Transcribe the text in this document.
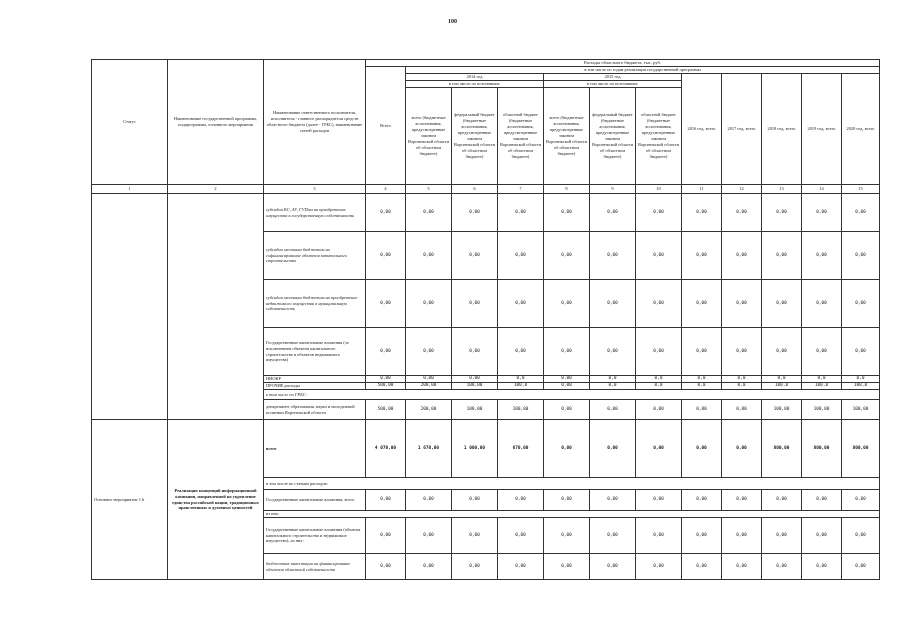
100
Статус	Наименование государственной программы, подпрограммы, основного мероприятия	Наименование ответственного исполнителя, исполнителя - главного распорядителя средств областного бюджета (далее - ГРБС), наименование статей расходов	Расходы областного бюджета, тыс. руб.											
			Всего	в том числе по годам реализации государственной программы										
				2014 год			2015 год			2016 год, всего	2017 год, всего	2018 год, всего	2019 год, всего	2020 год, всего
				в том числе по источникам:			в том числе по источникам:							
				всего (бюджетные ассигнования, предусмотренные законом Воронежской области об областном бюджете)	федеральный бюджет (бюджетные ассигнования, предусмотренные законом Воронежской области об областном бюджете)	областной бюджет (бюджетные ассигнования, предусмотренные законом Воронежской области об областном бюджете)	всего (бюджетные ассигнования, предусмотренные законом Воронежской области об областном бюджете)	федеральный бюджет (бюджетные ассигнования, предусмотренные законом Воронежской области об областном бюджете)	областной бюджет (бюджетные ассигнования, предусмотренные законом Воронежской области об областном бюджете)					
1	2	3	4	5	6	7	8	9	10	11	12	13	14	15
		субсидии КС, АУ, ГУПам на приобретение имущества в государственную собственность	0,00	0,00	0,00	0,00	0,00	0,00	0,00	0,00	0,00	0,00	0,00	0,00
		субсидии местным бюджетам на софинансирование объектов капитального строительства	0,00	0,00	0,00	0,00	0,00	0,00	0,00	0,00	0,00	0,00	0,00	0,00
		субсидии местным бюджетам на приобретение недвижимого имущества в муниципальную собственность	0,00	0,00	0,00	0,00	0,00	0,00	0,00	0,00	0,00	0,00	0,00	0,00
		Государственные капитальные вложения (за исключением объектов капитального строительства и объектов недвижимого имущества)	0,00	0,00	0,00	0,00	0,00	0,00	0,00	0,00	0,00	0,00	0,00	0,00
		НИОКР	0,00	0,00	0,00	0,0	0,00	0,0	0,0	0,0	0,0	0,0	0,0	0,0
		ПРОЧИЕ расходы	500,00	200,00	100,00	100,0	0,00	0,0	0,0	0,0	0,0	100,0	100,0	100,0
		в том числе по ГРБС:												
		департамент образования, науки и молодежной политики Воронежской области	500,00	200,00	100,00	100,00	0,00	0,00	0,00	0,00	0,00	100,00	100,00	100,00
Основное мероприятие 1.6	Реализация концепций информационной кампании, направленной на укрепление единства российской нации, традиционных нравственных и духовных ценностей	всего	4 070,00	1 670,00	1 000,00	670,00	0,00	0,00	0,00	0,00	0,00	800,00	800,00	800,00
		в том числе по статьям расходов:												
		Государственные капитальные вложения, всего	0,00	0,00	0,00	0,00	0,00	0,00	0,00	0,00	0,00	0,00	0,00	0,00
		из них:												
		Государственные капитальные вложения (объекты капитального строительства и недвижимое имущество), из них:	0,00	0,00	0,00	0,00	0,00	0,00	0,00	0,00	0,00	0,00	0,00	0,00
		бюджетные инвестиции на финансирование объектов областной собственности	0,00	0,00	0,00	0,00	0,00	0,00	0,00	0,00	0,00	0,00	0,00	0,00
